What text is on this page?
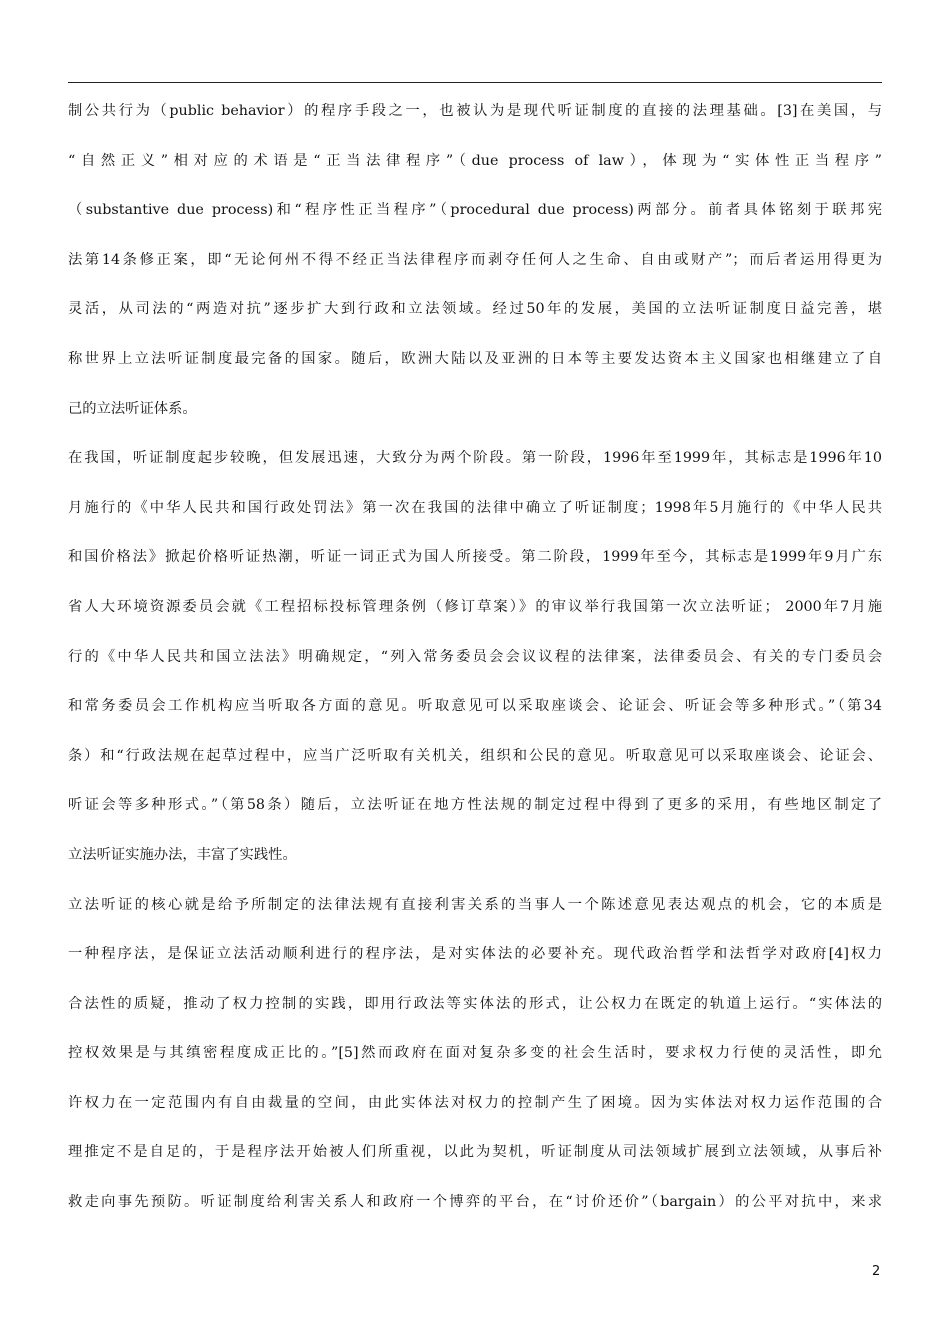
制公共行为（public behavior）的程序手段之一，也被认为是现代听证制度的直接的法理基础。[3]在美国，与
“自然正义”相对应的术语是“正当法律程序”（due process of law），体现为“实体性正当程序”
（substantive due process)和“程序性正当程序”（procedural due process)两部分。前者具体铭刻于联邦宪
法第14条修正案，即“无论何州不得不经正当法律程序而剥夺任何人之生命、自由或财产”；而后者运用得更为
灵活，从司法的“两造对抗”逐步扩大到行政和立法领域。经过50年的发展，美国的立法听证制度日益完善，堪
称世界上立法听证制度最完备的国家。随后，欧洲大陆以及亚洲的日本等主要发达资本主义国家也相继建立了自
己的立法听证体系。
在我国，听证制度起步较晚，但发展迅速，大致分为两个阶段。第一阶段，1996年至1999年，其标志是1996年10
月施行的《中华人民共和国行政处罚法》第一次在我国的法律中确立了听证制度；1998年5月施行的《中华人民共
和国价格法》掀起价格听证热潮，听证一词正式为国人所接受。第二阶段，1999年至今，其标志是1999年9月广东
省人大环境资源委员会就《工程招标投标管理条例（修订草案）》的审议举行我国第一次立法听证； 2000年7月施
行的《中华人民共和国立法法》明确规定，“列入常务委员会会议议程的法律案，法律委员会、有关的专门委员会
和常务委员会工作机构应当听取各方面的意见。听取意见可以采取座谈会、论证会、听证会等多种形式。”（第34
条）和“行政法规在起草过程中，应当广泛听取有关机关，组织和公民的意见。听取意见可以采取座谈会、论证会、
听证会等多种形式。”（第58条）随后，立法听证在地方性法规的制定过程中得到了更多的采用，有些地区制定了
立法听证实施办法，丰富了实践性。
立法听证的核心就是给予所制定的法律法规有直接利害关系的当事人一个陈述意见表达观点的机会，它的本质是
一种程序法，是保证立法活动顺利进行的程序法，是对实体法的必要补充。现代政治哲学和法哲学对政府[4]权力
合法性的质疑，推动了权力控制的实践，即用行政法等实体法的形式，让公权力在既定的轨道上运行。“实体法的
控权效果是与其缜密程度成正比的。”[5]然而政府在面对复杂多变的社会生活时，要求权力行使的灵活性，即允
许权力在一定范围内有自由裁量的空间，由此实体法对权力的控制产生了困境。因为实体法对权力运作范围的合
理推定不是自足的，于是程序法开始被人们所重视，以此为契机，听证制度从司法领域扩展到立法领域，从事后补
救走向事先预防。听证制度给利害关系人和政府一个博弈的平台，在“讨价还价”（bargain）的公平对抗中，来求
2
